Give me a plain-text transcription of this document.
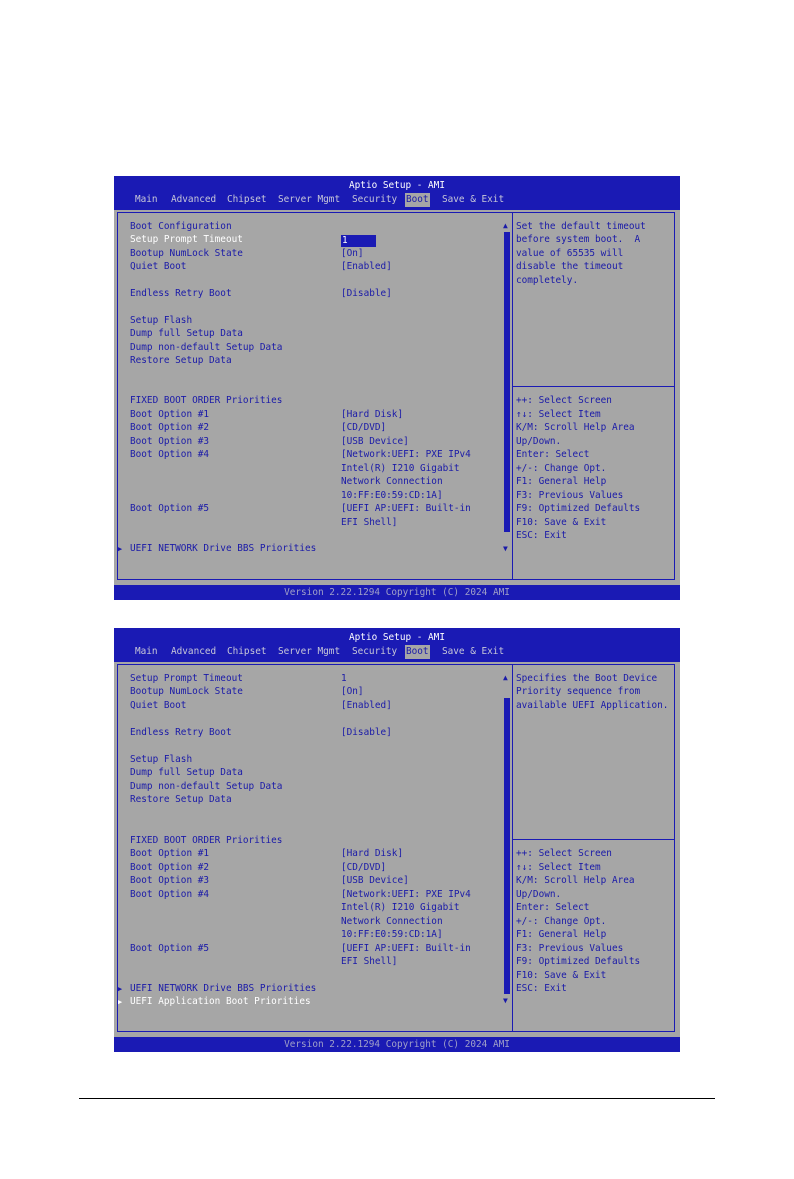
Aptio Setup - AMI
Main Advanced Chipset Server Mgmt Security Boot Save & Exit
▲
▼
Boot Configuration
Setup Prompt Timeout	1
Bootup NumLock State	[On]
Quiet Boot	[Enabled]
Endless Retry Boot	[Disable]
Setup Flash
Dump full Setup Data
Dump non-default Setup Data
Restore Setup Data
FIXED BOOT ORDER Priorities
Boot Option #1	[Hard Disk]
Boot Option #2	[CD/DVD]
Boot Option #3	[USB Device]
Boot Option #4	[Network:UEFI: PXE IPv4
Intel(R) I210 Gigabit
Network Connection
10:FF:E0:59:CD:1A]
Boot Option #5	[UEFI AP:UEFI: Built-in
EFI Shell]
▶ UEFI NETWORK Drive BBS Priorities
Set the default timeout
before system boot.  A
value of 65535 will
disable the timeout
completely.
++: Select Screen
↑↓: Select Item
K/M: Scroll Help Area
Up/Down.
Enter: Select
+/-: Change Opt.
F1: General Help
F3: Previous Values
F9: Optimized Defaults
F10: Save & Exit
ESC: Exit
Version 2.22.1294 Copyright (C) 2024 AMI
Aptio Setup - AMI
Main Advanced Chipset Server Mgmt Security Boot Save & Exit
▲
▼
Setup Prompt Timeout	1
Bootup NumLock State	[On]
Quiet Boot	[Enabled]
Endless Retry Boot	[Disable]
Setup Flash
Dump full Setup Data
Dump non-default Setup Data
Restore Setup Data
FIXED BOOT ORDER Priorities
Boot Option #1	[Hard Disk]
Boot Option #2	[CD/DVD]
Boot Option #3	[USB Device]
Boot Option #4	[Network:UEFI: PXE IPv4
Intel(R) I210 Gigabit
Network Connection
10:FF:E0:59:CD:1A]
Boot Option #5	[UEFI AP:UEFI: Built-in
EFI Shell]
▶ UEFI NETWORK Drive BBS Priorities
▶ UEFI Application Boot Priorities
Specifies the Boot Device
Priority sequence from
available UEFI Application.
++: Select Screen
↑↓: Select Item
K/M: Scroll Help Area
Up/Down.
Enter: Select
+/-: Change Opt.
F1: General Help
F3: Previous Values
F9: Optimized Defaults
F10: Save & Exit
ESC: Exit
Version 2.22.1294 Copyright (C) 2024 AMI
